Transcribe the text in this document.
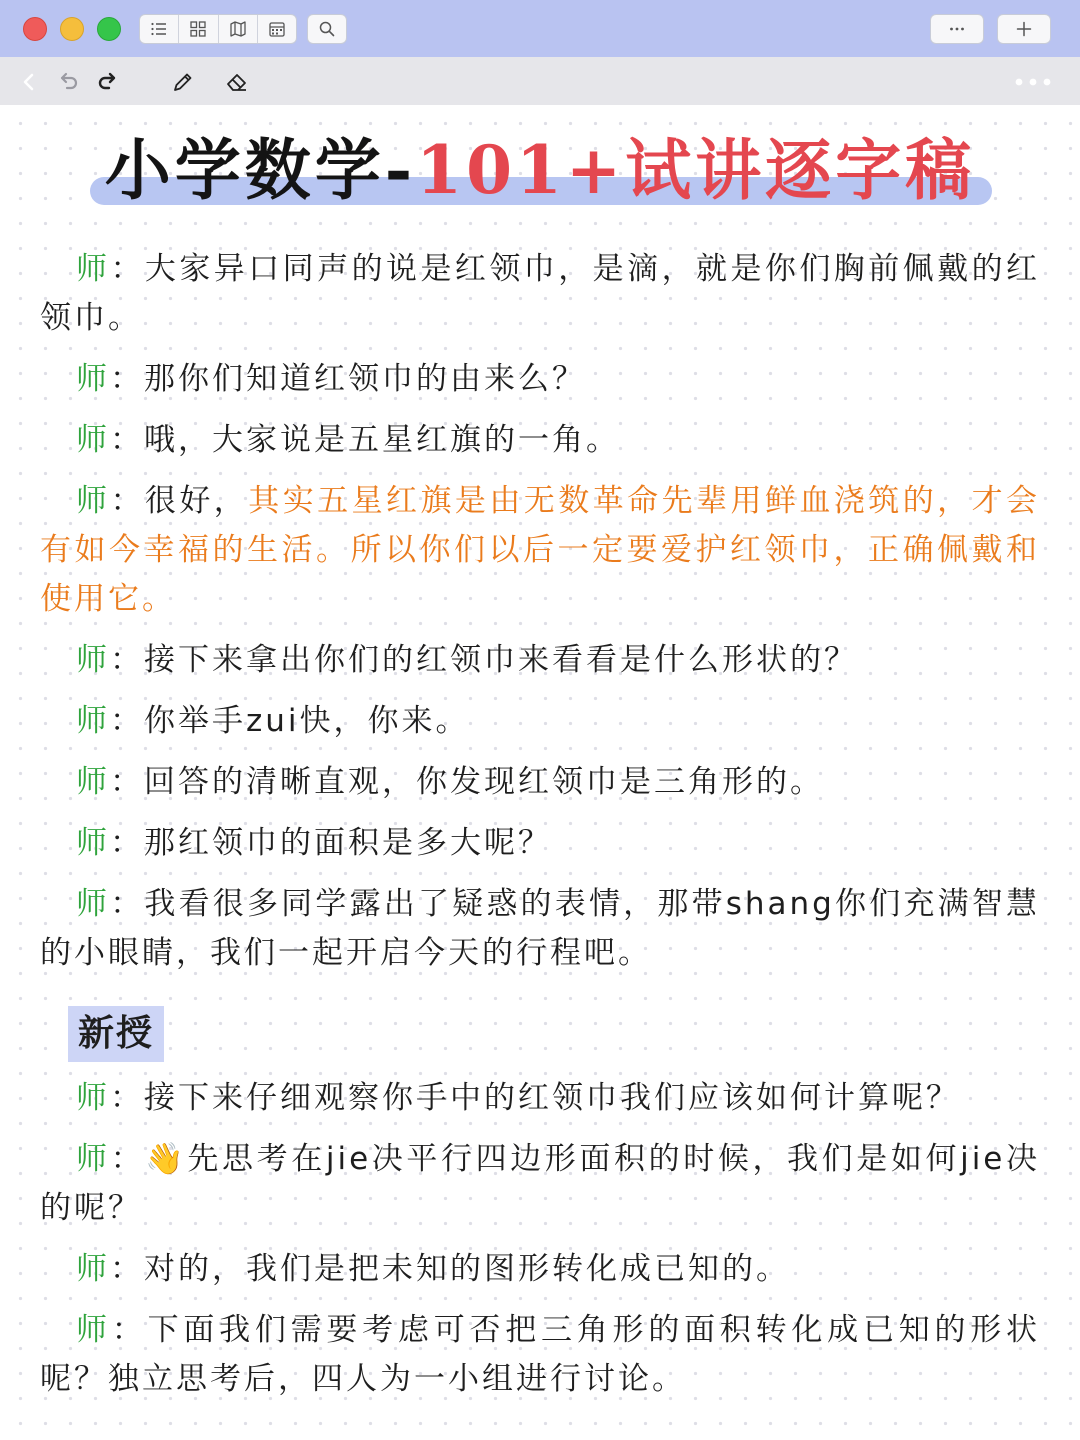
小学数学-101+试讲逐字稿

师：大家异口同声的说是红领巾，是滴，就是你们胸前佩戴的红领巾。

师：那你们知道红领巾的由来么？

师：哦，大家说是五星红旗的一角。

师：很好，其实五星红旗是由无数革命先辈用鲜血浇筑的，才会有如今幸福的生活。所以你们以后一定要爱护红领巾，正确佩戴和使用它。

师：接下来拿出你们的红领巾来看看是什么形状的？

师：你举手zui快，你来。

师：回答的清晰直观，你发现红领巾是三角形的。

师：那红领巾的面积是多大呢？

师：我看很多同学露出了疑惑的表情，那带shang你们充满智慧的小眼睛，我们一起开启今天的行程吧。

新授

师：接下来仔细观察你手中的红领巾我们应该如何计算呢？

师：👋先思考在jie决平行四边形面积的时候，我们是如何jie决的呢？

师：对的，我们是把未知的图形转化成已知的。

师：下面我们需要考虑可否把三角形的面积转化成已知的形状呢？独立思考后，四人为一小组进行讨论。
